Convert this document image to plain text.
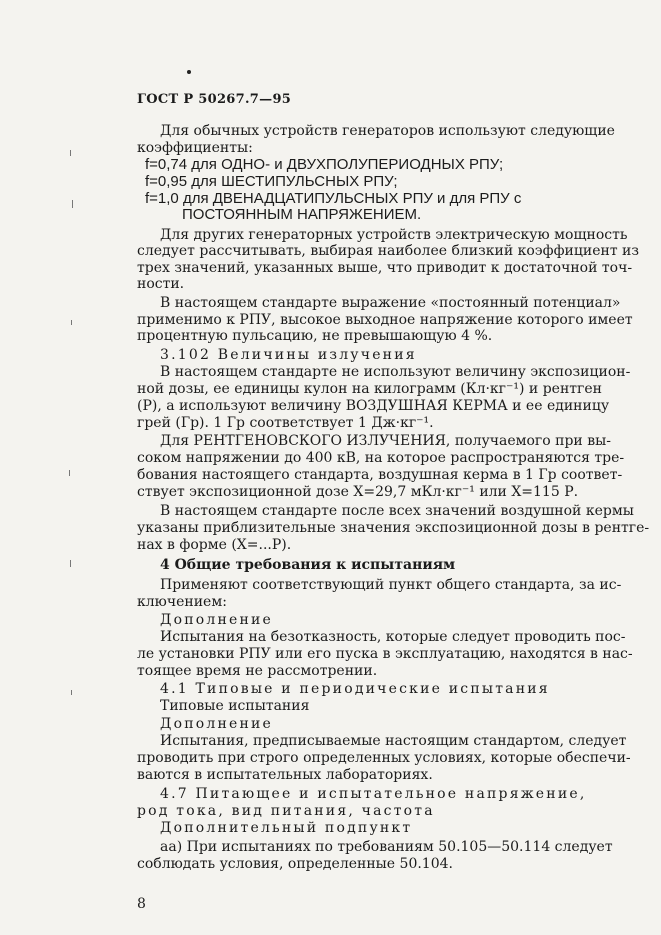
ГОСТ Р 50267.7—95
Для обычных устройств генераторов используют следующие
коэффициенты:
f=0,74 для ОДНО- и ДВУХПОЛУПЕРИОДНЫХ РПУ;
f=0,95 для ШЕСТИПУЛЬСНЫХ РПУ;
f=1,0 для ДВЕНАДЦАТИПУЛЬСНЫХ РПУ и для РПУ с
ПОСТОЯННЫМ НАПРЯЖЕНИЕМ.
Для других генераторных устройств электрическую мощность
следует рассчитывать, выбирая наиболее близкий коэффициент из
трех значений, указанных выше, что приводит к достаточной точ-
ности.
В настоящем стандарте выражение «постоянный потенциал»
применимо к РПУ, высокое выходное напряжение которого имеет
процентную пульсацию, не превышающую 4 %.
3.102 Величины излучения
В настоящем стандарте не используют величину экспозицион-
ной дозы, ее единицы кулон на килограмм (Кл·кг⁻¹) и рентген
(Р), а используют величину ВОЗДУШНАЯ КЕРМА и ее единицу
грей (Гр). 1 Гр соответствует 1 Дж·кг⁻¹.
Для РЕНТГЕНОВСКОГО ИЗЛУЧЕНИЯ, получаемого при вы-
соком напряжении до 400 кВ, на которое распространяются тре-
бования настоящего стандарта, воздушная керма в 1 Гр соответ-
ствует экспозиционной дозе X=29,7 мКл·кг⁻¹ или X=115 Р.
В настоящем стандарте после всех значений воздушной кермы
указаны приблизительные значения экспозиционной дозы в рентге-
нах в форме (X=...Р).
4 Общие требования к испытаниям
Применяют соответствующий пункт общего стандарта, за ис-
ключением:
Дополнение
Испытания на безотказность, которые следует проводить пос-
ле установки РПУ или его пуска в эксплуатацию, находятся в нас-
тоящее время не рассмотрении.
4.1 Типовые и периодические испытания
Типовые испытания
Дополнение
Испытания, предписываемые настоящим стандартом, следует
проводить при строго определенных условиях, которые обеспечи-
ваются в испытательных лабораториях.
4.7 Питающее и испытательное напряжение,
род тока, вид питания, частота
Дополнительный подпункт
аа) При испытаниях по требованиям 50.105—50.114 следует
соблюдать условия, определенные 50.104.
8
